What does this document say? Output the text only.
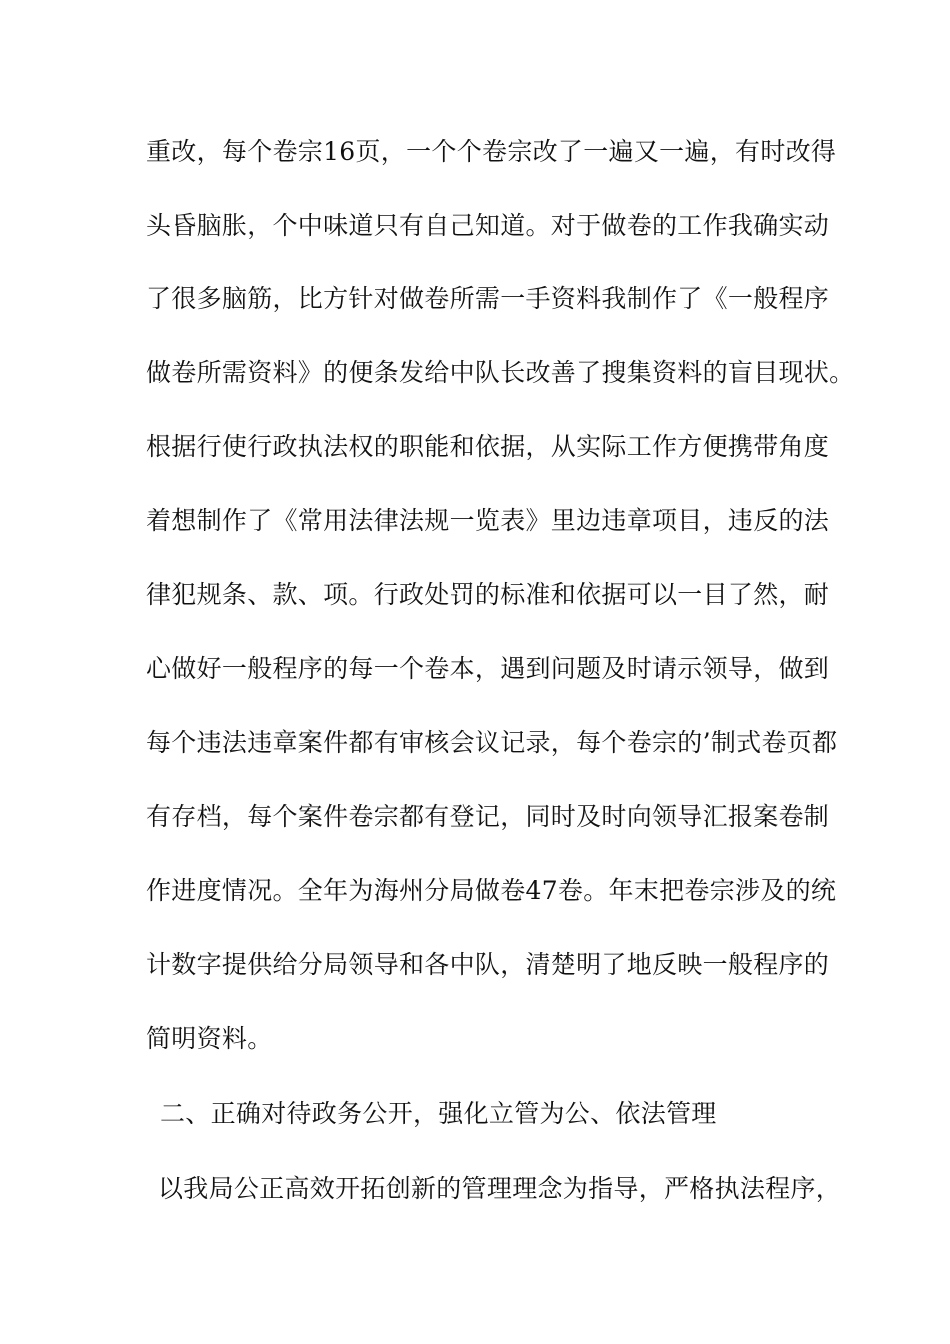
重改，每个卷宗16页，一个个卷宗改了一遍又一遍，有时改得
头昏脑胀，个中味道只有自己知道。对于做卷的工作我确实动
了很多脑筋，比方针对做卷所需一手资料我制作了《一般程序
做卷所需资料》的便条发给中队长改善了搜集资料的盲目现状。
根据行使行政执法权的职能和依据，从实际工作方便携带角度
着想制作了《常用法律法规一览表》里边违章项目，违反的法
律犯规条、款、项。行政处罚的标准和依据可以一目了然，耐
心做好一般程序的每一个卷本，遇到问题及时请示领导，做到
每个违法违章案件都有审核会议记录，每个卷宗的’制式卷页都
有存档，每个案件卷宗都有登记，同时及时向领导汇报案卷制
作进度情况。全年为海州分局做卷47卷。年末把卷宗涉及的统
计数字提供给分局领导和各中队，清楚明了地反映一般程序的
简明资料。
二、正确对待政务公开，强化立管为公、依法管理
以我局公正高效开拓创新的管理理念为指导，严格执法程序，
